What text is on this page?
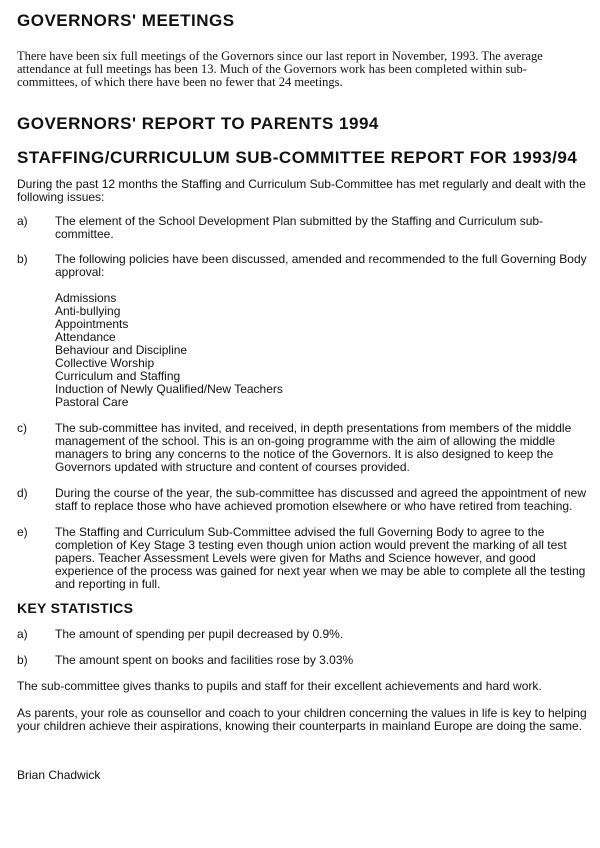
GOVERNORS' MEETINGS

There have been six full meetings of the Governors since our last report in November, 1993. The average attendance at full meetings has been 13. Much of the Governors work has been completed within sub-committees, of which there have been no fewer that 24 meetings.

GOVERNORS' REPORT TO PARENTS 1994
STAFFING/CURRICULUM SUB-COMMITTEE REPORT FOR 1993/94

During the past 12 months the Staffing and Curriculum Sub-Committee has met regularly and dealt with the following issues:

a)	The element of the School Development Plan submitted by the Staffing and Curriculum sub-committee.
b)	The following policies have been discussed, amended and recommended to the full Governing Body approval:
Admissions
Anti-bullying
Appointments
Attendance
Behaviour and Discipline
Collective Worship
Curriculum and Staffing
Induction of Newly Qualified/New Teachers
Pastoral Care
c)	The sub-committee has invited, and received, in depth presentations from members of the middle management of the school. This is an on-going programme with the aim of allowing the middle managers to bring any concerns to the notice of the Governors. It is also designed to keep the Governors updated with structure and content of courses provided.
d)	During the course of the year, the sub-committee has discussed and agreed the appointment of new staff to replace those who have achieved promotion elsewhere or who have retired from teaching.
e)	The Staffing and Curriculum Sub-Committee advised the full Governing Body to agree to the completion of Key Stage 3 testing even though union action would prevent the marking of all test papers. Teacher Assessment Levels were given for Maths and Science however, and good experience of the process was gained for next year when we may be able to complete all the testing and reporting in full.
KEY STATISTICS
a)	The amount of spending per pupil decreased by 0.9%.
b)	The amount spent on books and facilities rose by 3.03%

The sub-committee gives thanks to pupils and staff for their excellent achievements and hard work.

As parents, your role as counsellor and coach to your children concerning the values in life is key to helping your children achieve their aspirations, knowing their counterparts in mainland Europe are doing the same.

Brian Chadwick
